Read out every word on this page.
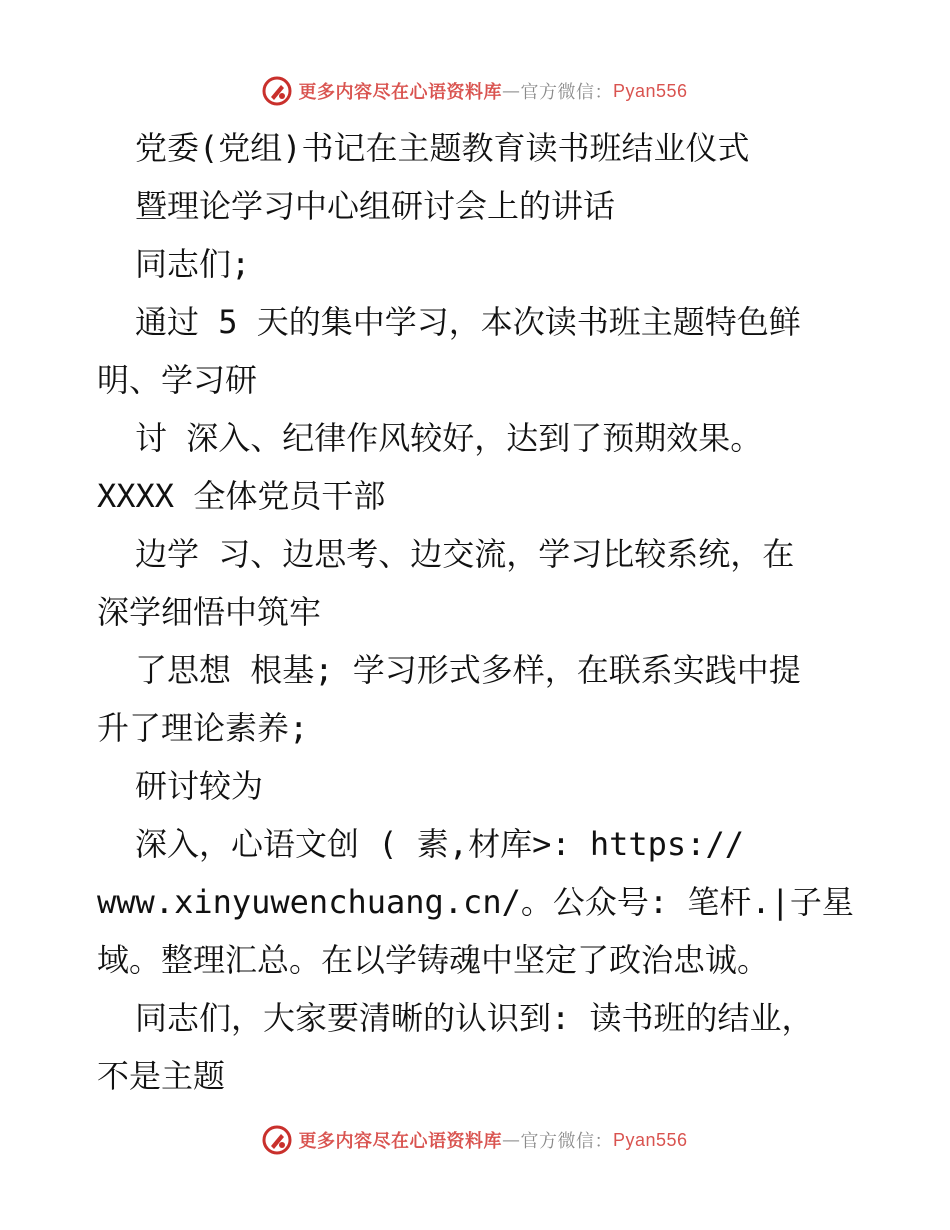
更多内容尽在心语资料库 — 官方微信： Pyan556
党委(党组)书记在主题教育读书班结业仪式
暨理论学习中心组研讨会上的讲话
同志们;
通过 5 天的集中学习，本次读书班主题特色鲜
明、学习研
讨 深入、纪律作风较好，达到了预期效果。
XXXX 全体党员干部
边学 习、边思考、边交流，学习比较系统，在
深学细悟中筑牢
了思想 根基; 学习形式多样，在联系实践中提
升了理论素养;
研讨较为
深入，心语文创 ( 素,材库>: https://
www.xinyuwenchuang.cn/。公众号: 笔杆.|子星
域。整理汇总。在以学铸魂中坚定了政治忠诚。
同志们，大家要清晰的认识到: 读书班的结业，
不是主题
更多内容尽在心语资料库 — 官方微信： Pyan556
